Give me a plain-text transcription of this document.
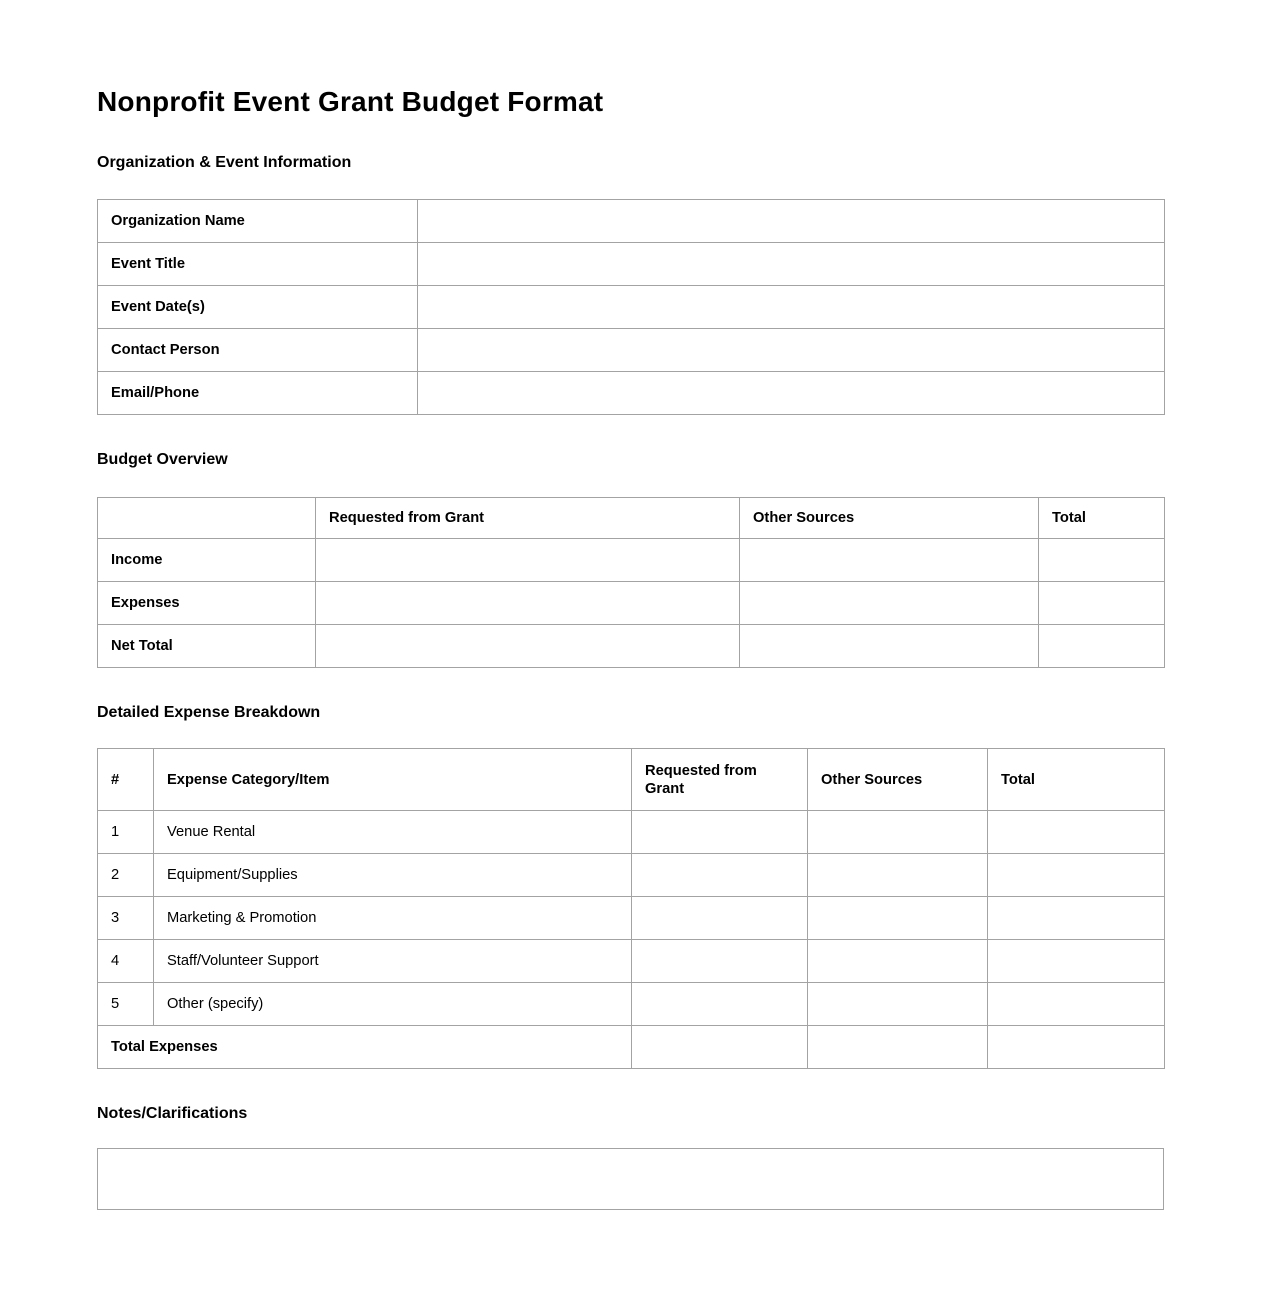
Nonprofit Event Grant Budget Format
Organization & Event Information
Organization Name	
Event Title	
Event Date(s)	
Contact Person	
Email/Phone	
Budget Overview
	Requested from Grant	Other Sources	Total
Income			
Expenses			
Net Total			
Detailed Expense Breakdown
#	Expense Category/Item	Requested from Grant	Other Sources	Total
1	Venue Rental			
2	Equipment/Supplies			
3	Marketing & Promotion			
4	Staff/Volunteer Support			
5	Other (specify)			
Total Expenses				
Notes/Clarifications
